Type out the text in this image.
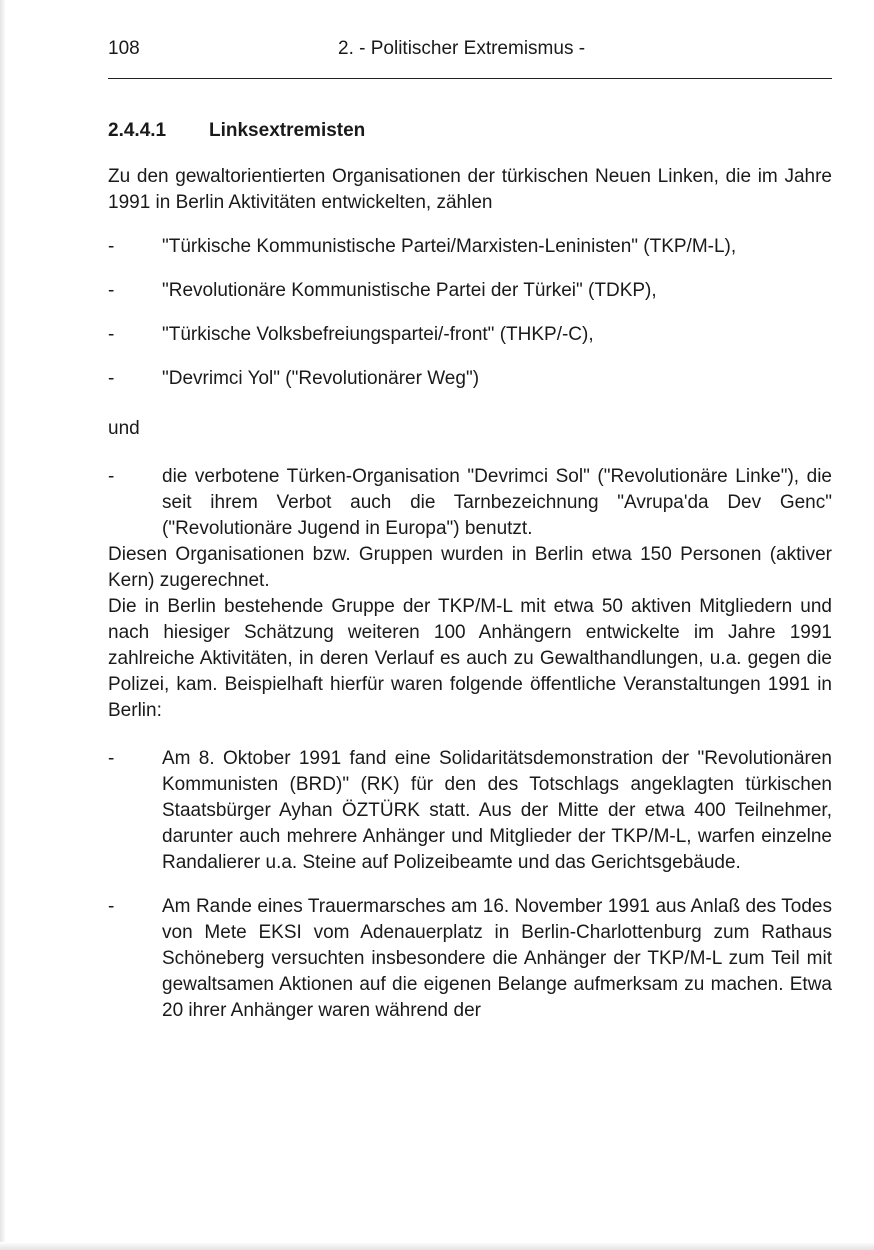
108	2. - Politischer Extremismus -
2.4.4.1 Linksextremisten

Zu den gewaltorientierten Organisationen der türkischen Neuen Linken, die im Jahre 1991 in Berlin Aktivitäten entwickelten, zählen

-	"Türkische Kommunistische Partei/Marxisten-Leninisten" (TKP/M-L),
-	"Revolutionäre Kommunistische Partei der Türkei" (TDKP),
-	"Türkische Volksbefreiungspartei/-front" (THKP/-C),
-	"Devrimci Yol" ("Revolutionärer Weg")
und
-	die verbotene Türken-Organisation "Devrimci Sol" ("Revolutionäre Linke"), die seit ihrem Verbot auch die Tarnbezeichnung "Avrupa'da Dev Genc" ("Revolutionäre Jugend in Europa") benutzt.

Diesen Organisationen bzw. Gruppen wurden in Berlin etwa 150 Personen (aktiver Kern) zugerechnet.

Die in Berlin bestehende Gruppe der TKP/M-L mit etwa 50 aktiven Mitgliedern und nach hiesiger Schätzung weiteren 100 Anhängern entwickelte im Jahre 1991 zahlreiche Aktivitäten, in deren Verlauf es auch zu Gewalthandlungen, u.a. gegen die Polizei, kam. Beispielhaft hierfür waren folgende öffentliche Veranstaltungen 1991 in Berlin:

-	Am 8. Oktober 1991 fand eine Solidaritätsdemonstration der "Revolutionären Kommunisten (BRD)" (RK) für den des Totschlags angeklagten türkischen Staatsbürger Ayhan ÖZTÜRK statt. Aus der Mitte der etwa 400 Teilnehmer, darunter auch mehrere Anhänger und Mitglieder der TKP/M-L, warfen einzelne Randalierer u.a. Steine auf Polizeibeamte und das Gerichtsgebäude.
-	Am Rande eines Trauermarsches am 16. November 1991 aus Anlaß des Todes von Mete EKSI vom Adenauerplatz in Berlin-Charlottenburg zum Rathaus Schöneberg versuchten insbesondere die Anhänger der TKP/M-L zum Teil mit gewaltsamen Aktionen auf die eigenen Belange aufmerksam zu machen. Etwa 20 ihrer Anhänger waren während der
